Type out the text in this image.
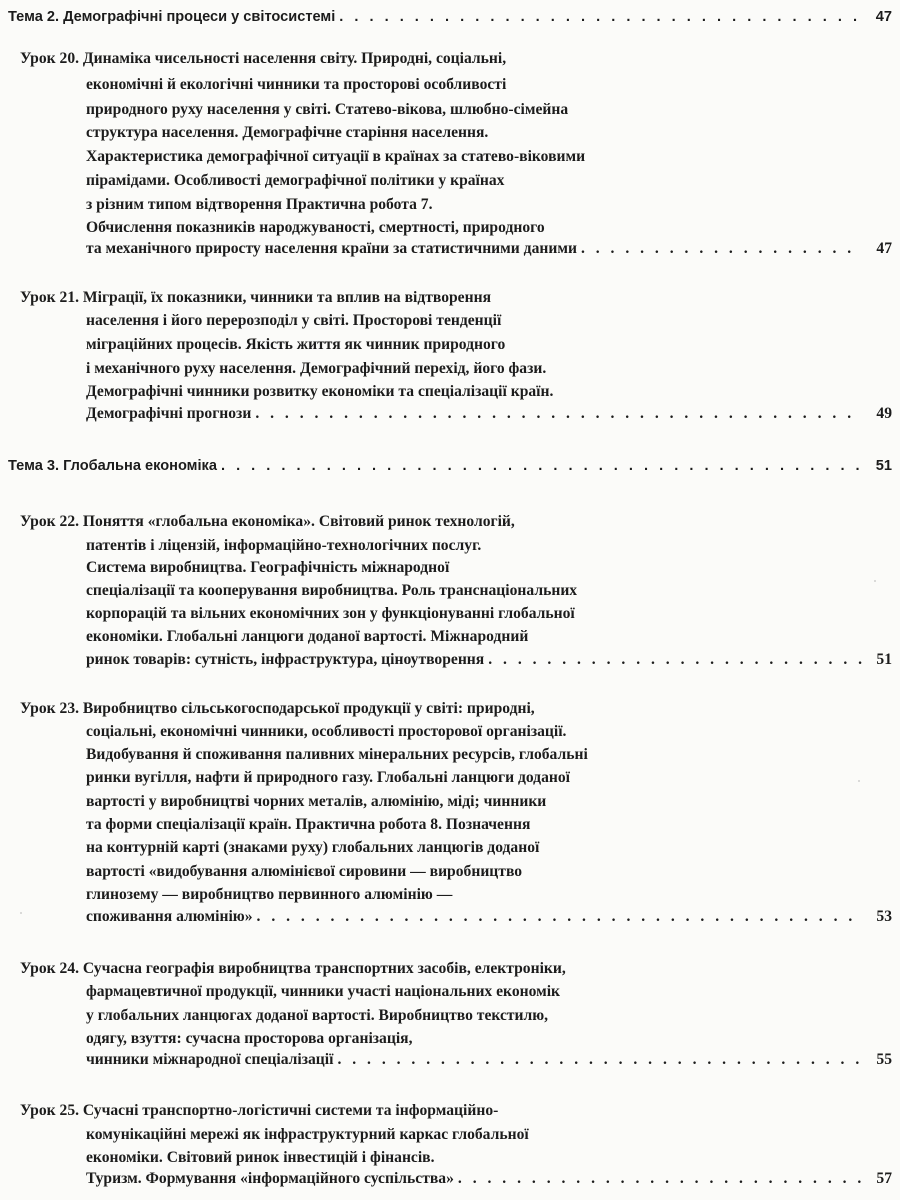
Тема 2. Демографічні процеси у світосистемі . . .	47
Урок 20. Динаміка чисельності населення світу. Природні, соціальні,
економічні й екологічні чинники та просторові особливості
природного руху населення у світі. Статево-вікова, шлюбно-сімейна
структура населення. Демографічне старіння населення.
Характеристика демографічної ситуації в країнах за статево-віковими
пірамідами. Особливості демографічної політики у країнах
з різним типом відтворення Практична робота 7.
Обчислення показників народжуваності, смертності, природного
та механічного приросту населення країни за статистичними даними . . .	47
Урок 21. Міграції, їх показники, чинники та вплив на відтворення
населення і його перерозподіл у світі. Просторові тенденції
міграційних процесів. Якість життя як чинник природного
і механічного руху населення. Демографічний перехід, його фази.
Демографічні чинники розвитку економіки та спеціалізації країн.
Демографічні прогнози . . .	49
Тема 3. Глобальна економіка . . .	51
Урок 22. Поняття «глобальна економіка». Світовий ринок технологій,
патентів і ліцензій, інформаційно-технологічних послуг.
Система виробництва. Географічність міжнародної
спеціалізації та кооперування виробництва. Роль транснаціональних
корпорацій та вільних економічних зон у функціонуванні глобальної
економіки. Глобальні ланцюги доданої вартості. Міжнародний
ринок товарів: сутність, інфраструктура, ціноутворення . . .	51
Урок 23. Виробництво сільськогосподарської продукції у світі: природні,
соціальні, економічні чинники, особливості просторової організації.
Видобування й споживання паливних мінеральних ресурсів, глобальні
ринки вугілля, нафти й природного газу. Глобальні ланцюги доданої
вартості у виробництві чорних металів, алюмінію, міді; чинники
та форми спеціалізації країн. Практична робота 8. Позначення
на контурній карті (знаками руху) глобальних ланцюгів доданої
вартості «видобування алюмінієвої сировини — виробництво
глинозему — виробництво первинного алюмінію —
споживання алюмінію» . . .	53
Урок 24. Сучасна географія виробництва транспортних засобів, електроніки,
фармацевтичної продукції, чинники участі національних економік
у глобальних ланцюгах доданої вартості. Виробництво текстилю,
одягу, взуття: сучасна просторова організація,
чинники міжнародної спеціалізації . . .	55
Урок 25. Сучасні транспортно-логістичні системи та інформаційно-
комунікаційні мережі як інфраструктурний каркас глобальної
економіки. Світовий ринок інвестицій і фінансів.
Туризм. Формування «інформаційного суспільства» . . .	57
